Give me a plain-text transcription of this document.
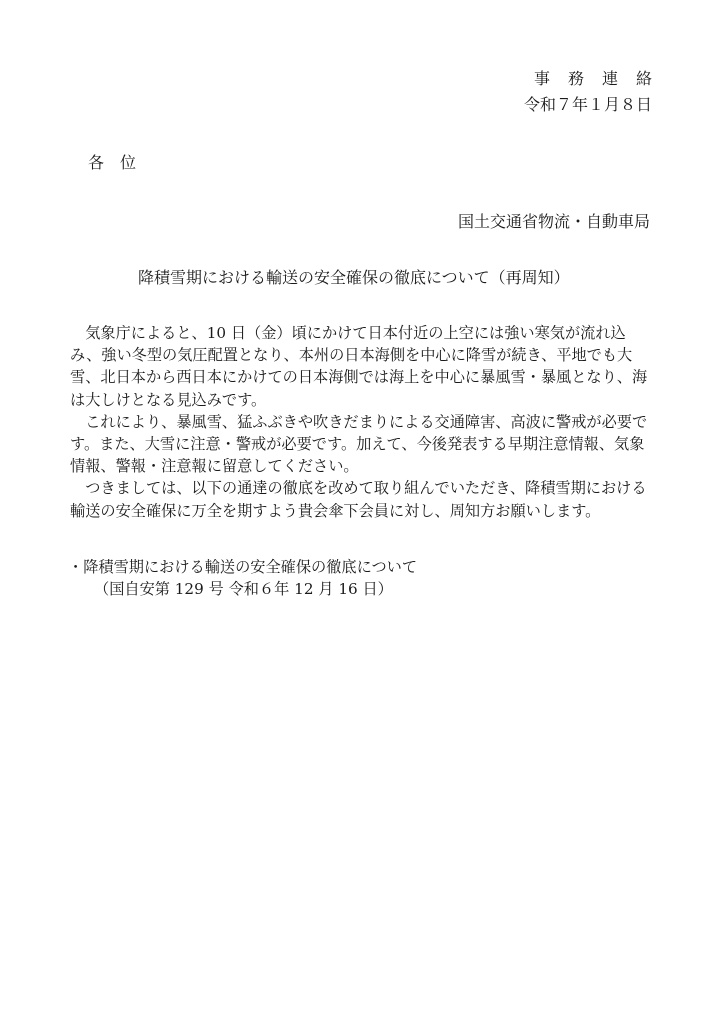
事務連絡
令和７年１月８日
各位
国土交通省物流・自動車局
降積雪期における輸送の安全確保の徹底について（再周知）

気象庁によると、10 日（金）頃にかけて日本付近の上空には強い寒気が流れ込み、強い冬型の気圧配置となり、本州の日本海側を中心に降雪が続き、平地でも大雪、北日本から西日本にかけての日本海側では海上を中心に暴風雪・暴風となり、海は大しけとなる見込みです。

これにより、暴風雪、猛ふぶきや吹きだまりによる交通障害、高波に警戒が必要です。また、大雪に注意・警戒が必要です。加えて、今後発表する早期注意情報、気象情報、警報・注意報に留意してください。

つきましては、以下の通達の徹底を改めて取り組んでいただき、降積雪期における輸送の安全確保に万全を期すよう貴会傘下会員に対し、周知方お願いします。

・降積雪期における輸送の安全確保の徹底について
（国自安第 129 号 令和６年 12 月 16 日）
